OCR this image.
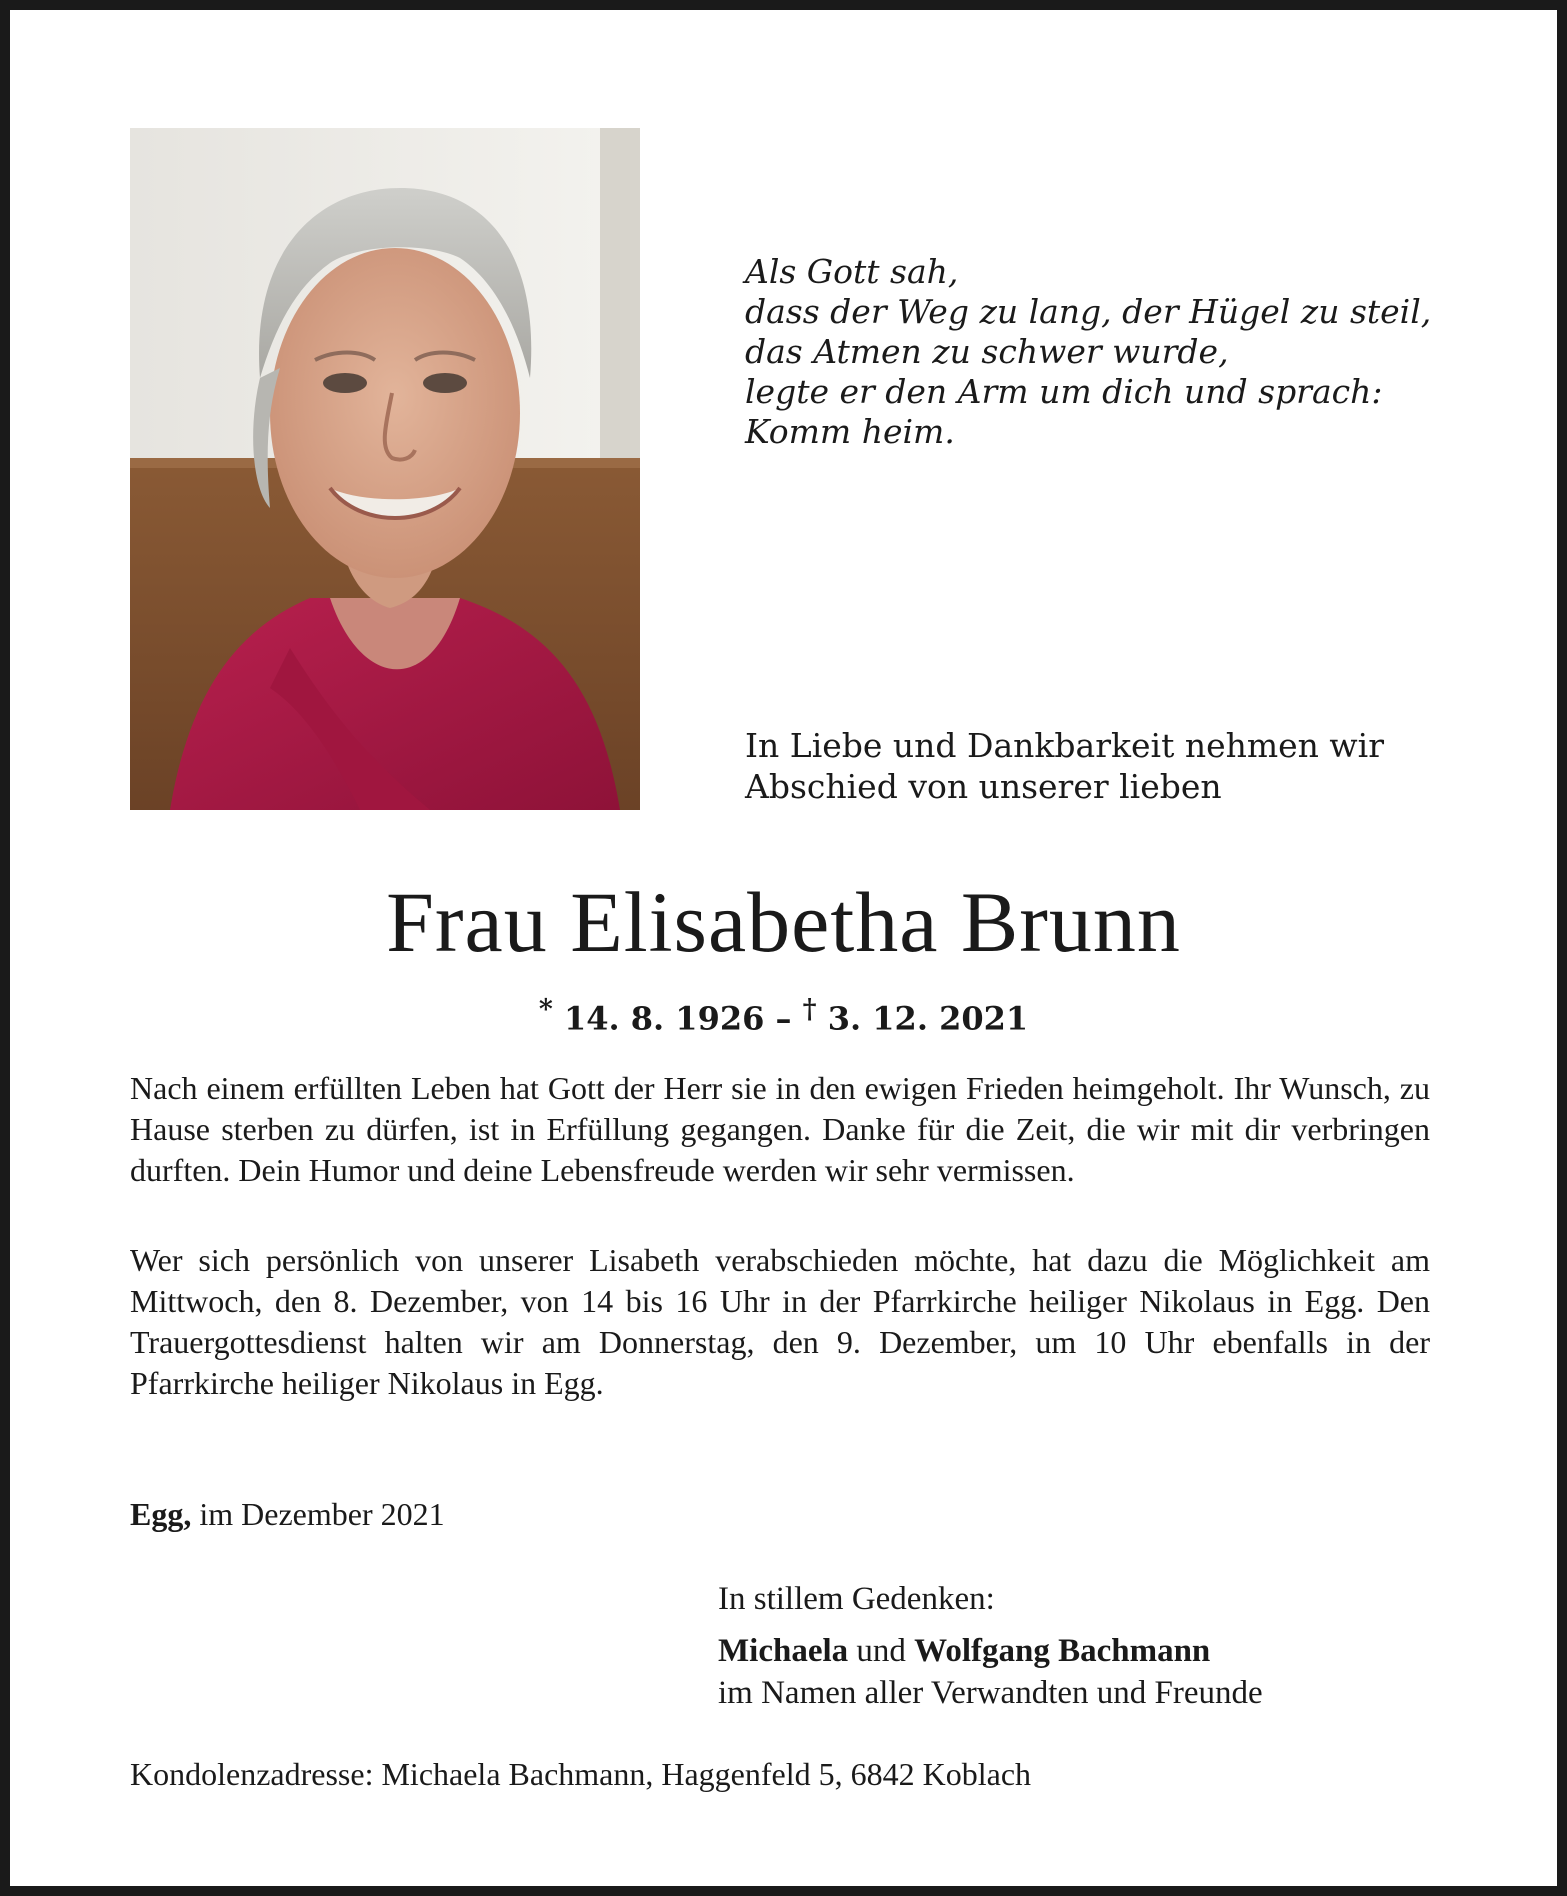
Als Gott sah,
dass der Weg zu lang, der Hügel zu steil,
das Atmen zu schwer wurde,
legte er den Arm um dich und sprach:
Komm heim.
In Liebe und Dankbarkeit nehmen wir
Abschied von unserer lieben
Frau Elisabetha Brunn
* 14. 8. 1926 – † 3. 12. 2021
Nach einem erfüllten Leben hat Gott der Herr sie in den ewigen Frieden heimgeholt. Ihr Wunsch, zu Hause sterben zu dürfen, ist in Erfüllung gegangen. Danke für die Zeit, die wir mit dir verbringen durften. Dein Humor und deine Lebensfreude werden wir sehr vermissen.
Wer sich persönlich von unserer Lisabeth verabschieden möchte, hat dazu die Möglichkeit am Mittwoch, den 8. Dezember, von 14 bis 16 Uhr in der Pfarrkirche heiliger Nikolaus in Egg. Den Trauergottesdienst halten wir am Donnerstag, den 9. Dezember, um 10 Uhr ebenfalls in der Pfarrkirche heiliger Nikolaus in Egg.
Egg, im Dezember 2021
In stillem Gedenken:
Michaela und Wolfgang Bachmann
im Namen aller Verwandten und Freunde
Kondolenzadresse: Michaela Bachmann, Haggenfeld 5, 6842 Koblach
